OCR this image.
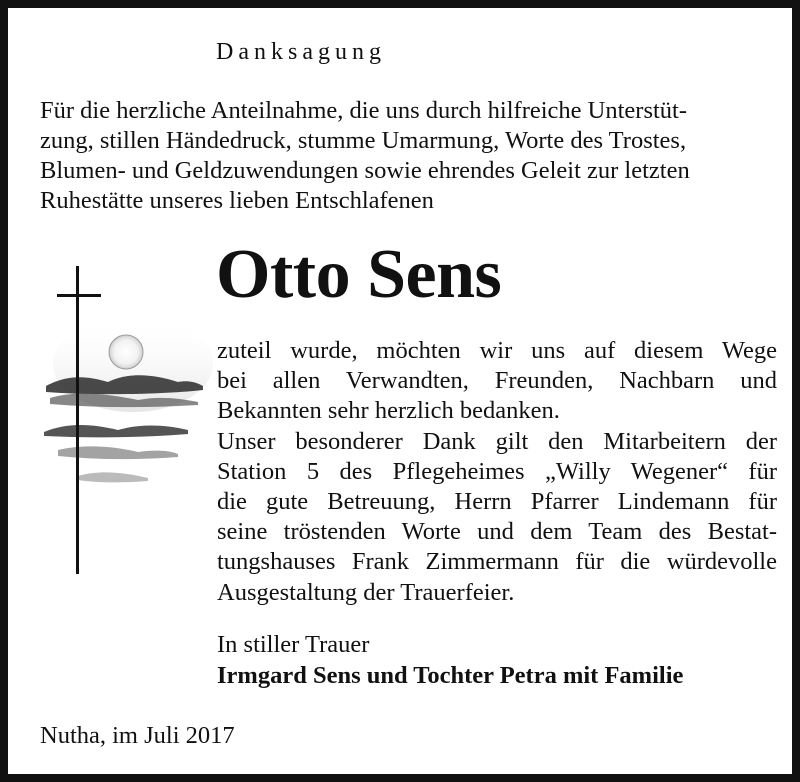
Danksagung
Für die herzliche Anteilnahme, die uns durch hilfreiche Unterstüt-
zung, stillen Händedruck, stumme Umarmung, Worte des Trostes,
Blumen- und Geldzuwendungen sowie ehrendes Geleit zur letzten
Ruhestätte unseres lieben Entschlafenen
Otto Sens
zuteil wurde, möchten wir uns auf diesem Wege
bei allen Verwandten, Freunden, Nachbarn und
Bekannten sehr herzlich bedanken.
Unser besonderer Dank gilt den Mitarbeitern der
Station 5 des Pflegeheimes „Willy Wegener“ für
die gute Betreuung, Herrn Pfarrer Lindemann für
seine tröstenden Worte und dem Team des Bestat-
tungshauses Frank Zimmermann für die würdevolle
Ausgestaltung der Trauerfeier.
In stiller Trauer
Irmgard Sens und Tochter Petra mit Familie
Nutha, im Juli 2017
